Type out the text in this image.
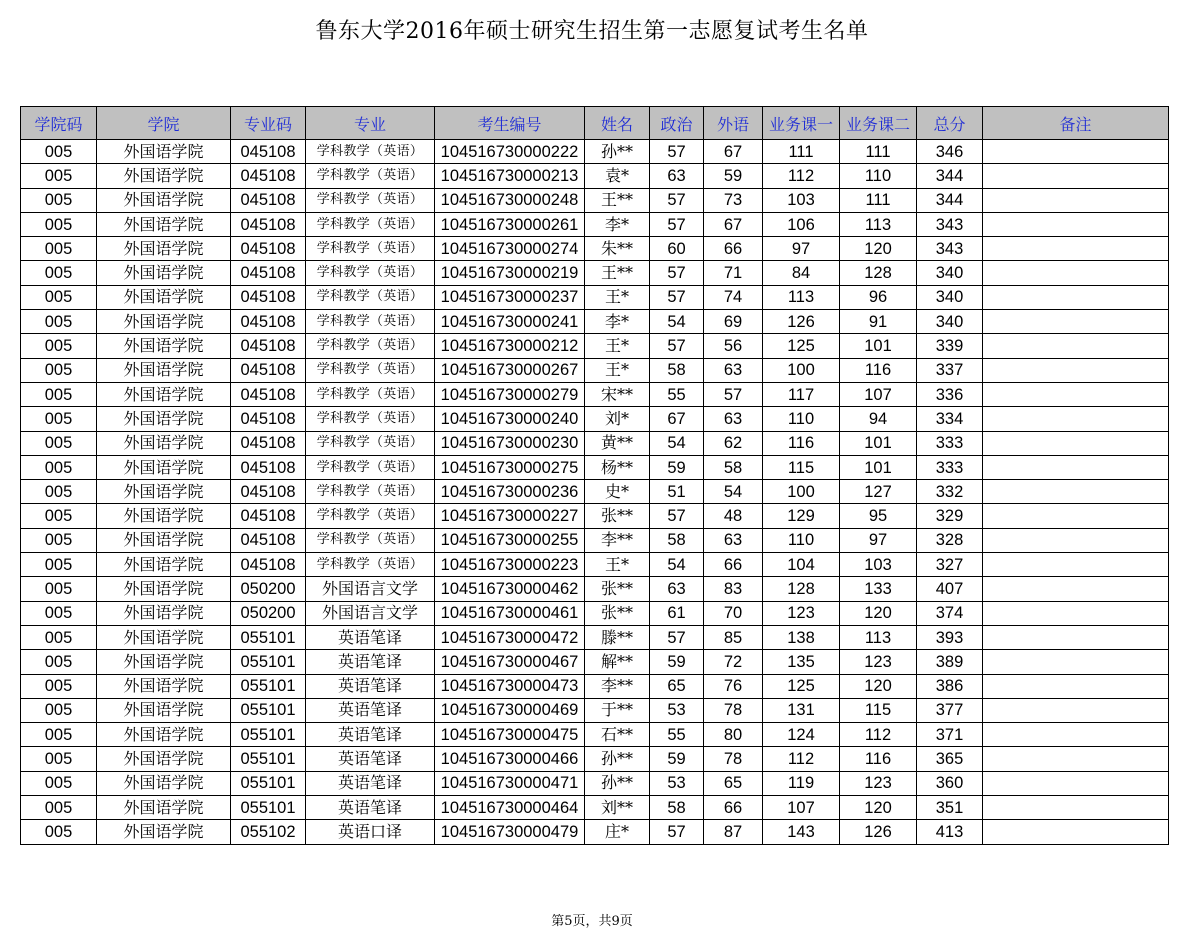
鲁东大学2016年硕士研究生招生第一志愿复试考生名单
学院码	学院	专业码	专业	考生编号	姓名	政治	外语	业务课一	业务课二	总分	备注
005	外国语学院	045108	学科教学（英语）	104516730000222	孙**	57	67	111	111	346	
005	外国语学院	045108	学科教学（英语）	104516730000213	袁*	63	59	112	110	344	
005	外国语学院	045108	学科教学（英语）	104516730000248	王**	57	73	103	111	344	
005	外国语学院	045108	学科教学（英语）	104516730000261	李*	57	67	106	113	343	
005	外国语学院	045108	学科教学（英语）	104516730000274	朱**	60	66	97	120	343	
005	外国语学院	045108	学科教学（英语）	104516730000219	王**	57	71	84	128	340	
005	外国语学院	045108	学科教学（英语）	104516730000237	王*	57	74	113	96	340	
005	外国语学院	045108	学科教学（英语）	104516730000241	李*	54	69	126	91	340	
005	外国语学院	045108	学科教学（英语）	104516730000212	王*	57	56	125	101	339	
005	外国语学院	045108	学科教学（英语）	104516730000267	王*	58	63	100	116	337	
005	外国语学院	045108	学科教学（英语）	104516730000279	宋**	55	57	117	107	336	
005	外国语学院	045108	学科教学（英语）	104516730000240	刘*	67	63	110	94	334	
005	外国语学院	045108	学科教学（英语）	104516730000230	黄**	54	62	116	101	333	
005	外国语学院	045108	学科教学（英语）	104516730000275	杨**	59	58	115	101	333	
005	外国语学院	045108	学科教学（英语）	104516730000236	史*	51	54	100	127	332	
005	外国语学院	045108	学科教学（英语）	104516730000227	张**	57	48	129	95	329	
005	外国语学院	045108	学科教学（英语）	104516730000255	李**	58	63	110	97	328	
005	外国语学院	045108	学科教学（英语）	104516730000223	王*	54	66	104	103	327	
005	外国语学院	050200	外国语言文学	104516730000462	张**	63	83	128	133	407	
005	外国语学院	050200	外国语言文学	104516730000461	张**	61	70	123	120	374	
005	外国语学院	055101	英语笔译	104516730000472	滕**	57	85	138	113	393	
005	外国语学院	055101	英语笔译	104516730000467	解**	59	72	135	123	389	
005	外国语学院	055101	英语笔译	104516730000473	李**	65	76	125	120	386	
005	外国语学院	055101	英语笔译	104516730000469	于**	53	78	131	115	377	
005	外国语学院	055101	英语笔译	104516730000475	石**	55	80	124	112	371	
005	外国语学院	055101	英语笔译	104516730000466	孙**	59	78	112	116	365	
005	外国语学院	055101	英语笔译	104516730000471	孙**	53	65	119	123	360	
005	外国语学院	055101	英语笔译	104516730000464	刘**	58	66	107	120	351	
005	外国语学院	055102	英语口译	104516730000479	庄*	57	87	143	126	413	
第5页，共9页
